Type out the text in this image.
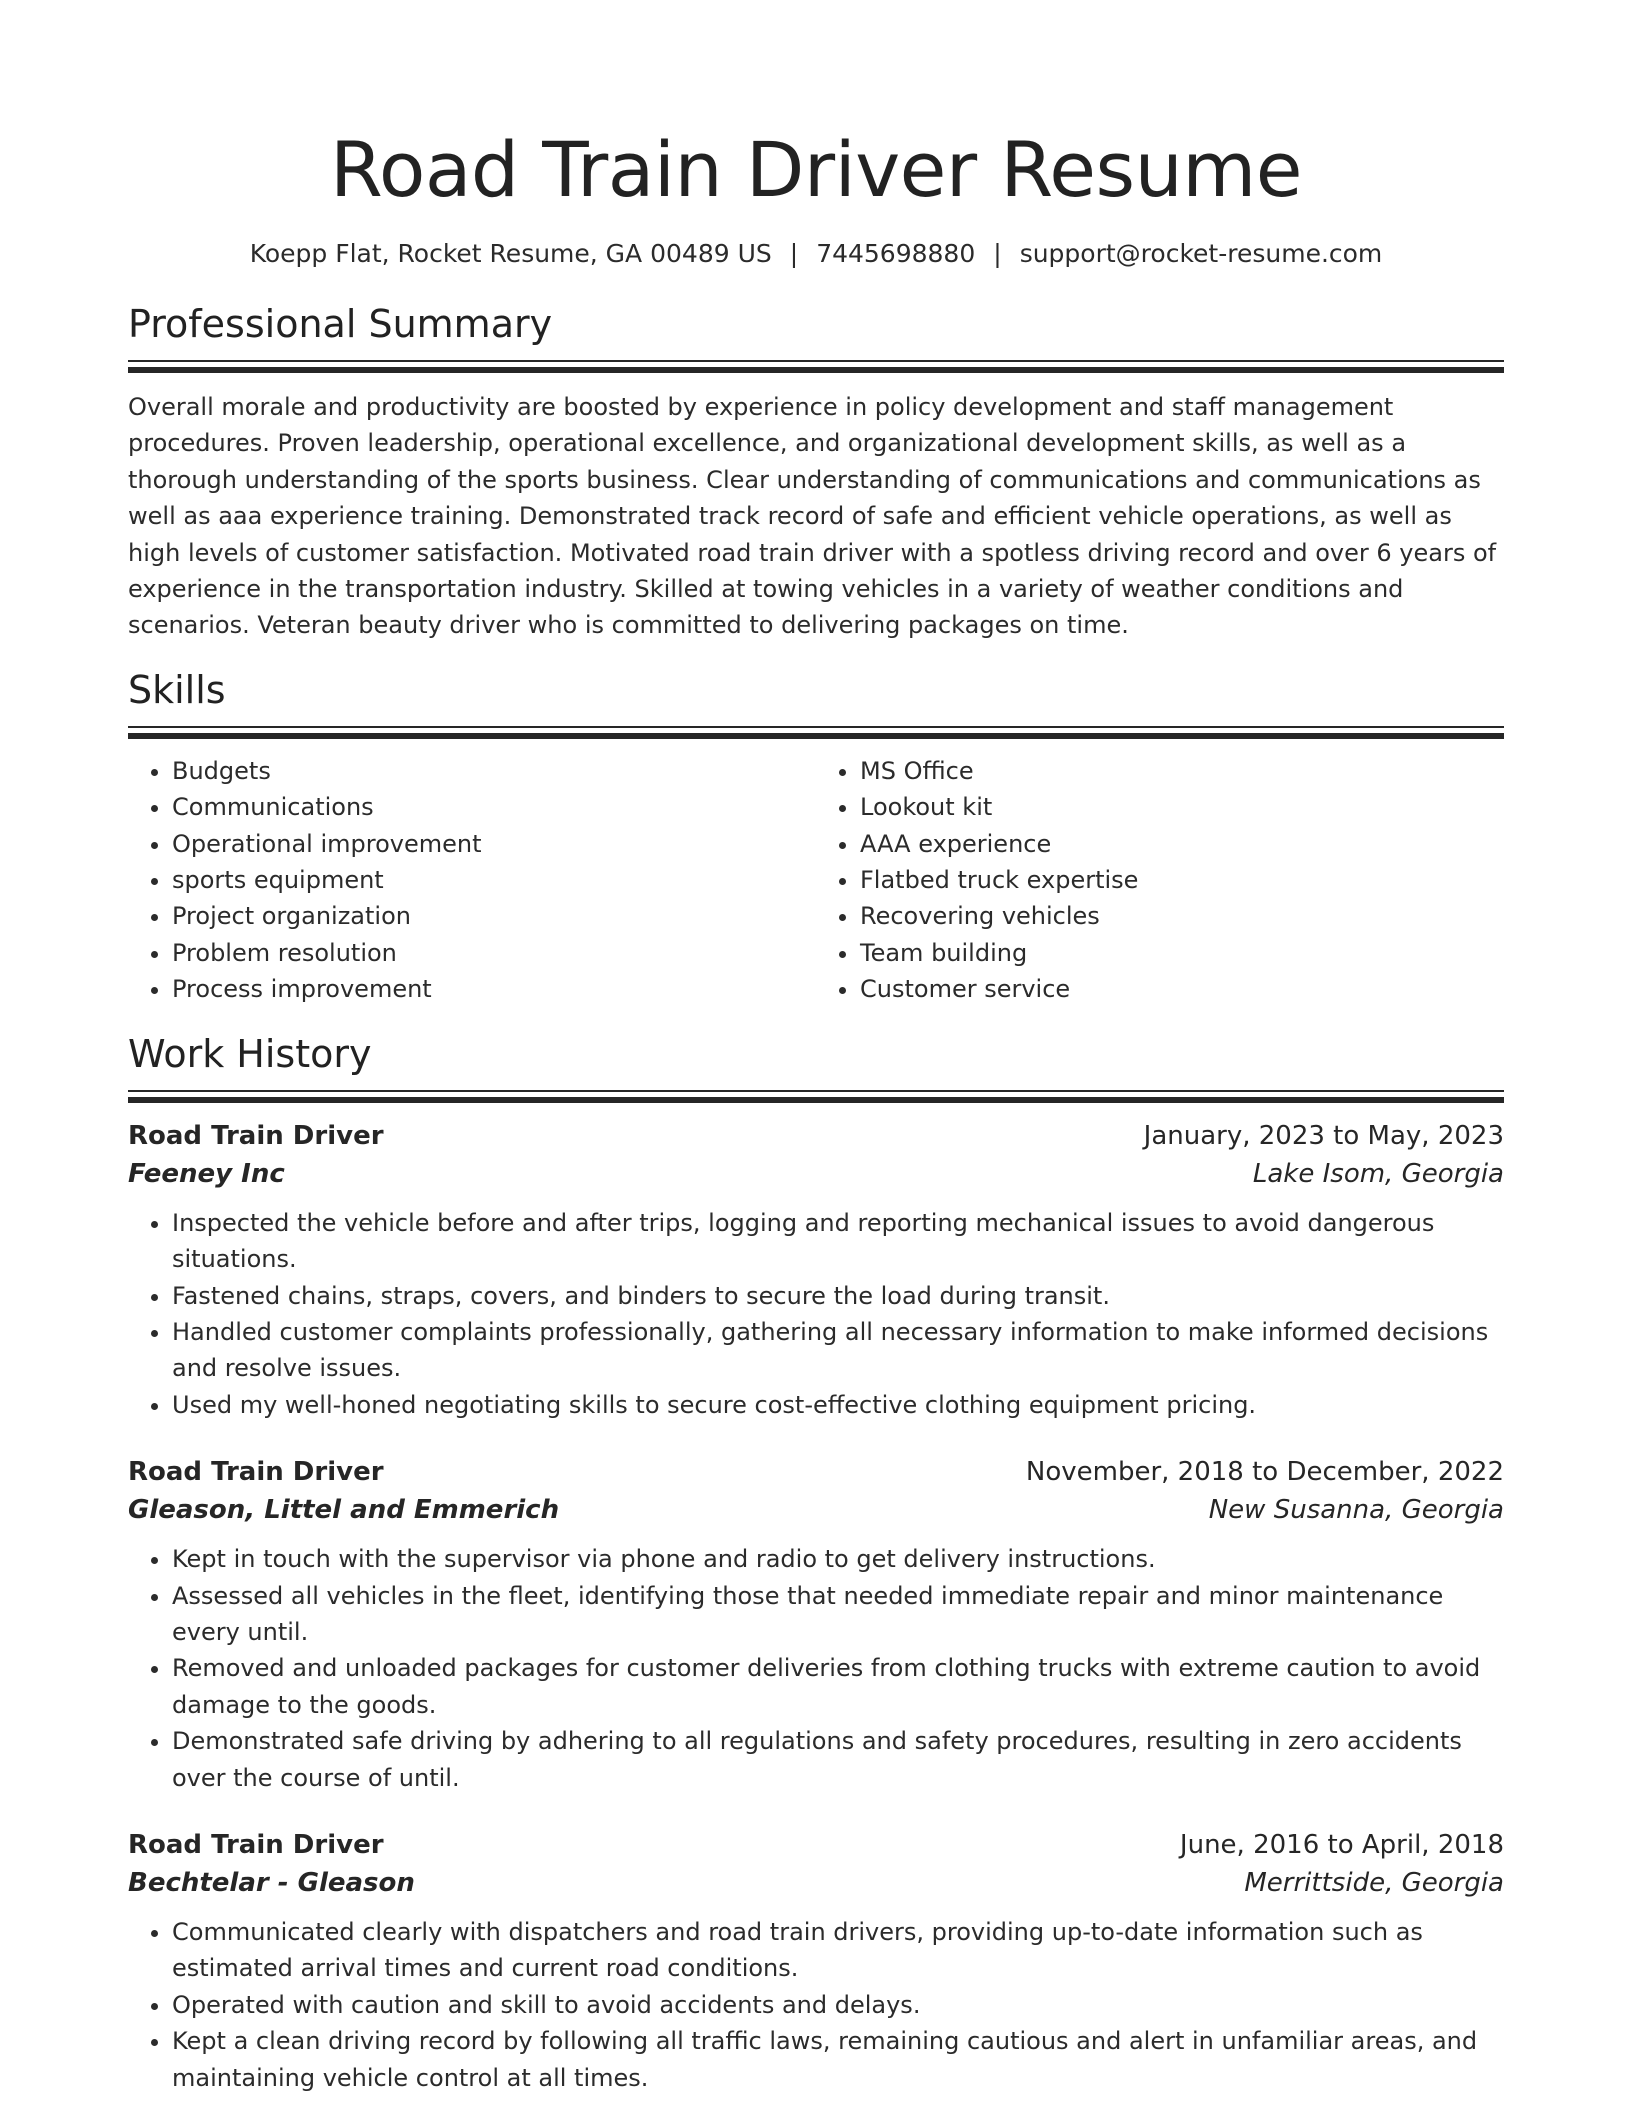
Road Train Driver Resume
Koepp Flat, Rocket Resume, GA 00489 US | 7445698880 | support@rocket-resume.com
Professional Summary

Overall morale and productivity are boosted by experience in policy development and staff management procedures. Proven leadership, operational excellence, and organizational development skills, as well as a thorough understanding of the sports business. Clear understanding of communications and communications as well as aaa experience training. Demonstrated track record of safe and efficient vehicle operations, as well as high levels of customer satisfaction. Motivated road train driver with a spotless driving record and over 6 years of experience in the transportation industry. Skilled at towing vehicles in a variety of weather conditions and scenarios. Veteran beauty driver who is committed to delivering packages on time.

Skills
• Budgets
• Communications
• Operational improvement
• sports equipment
• Project organization
• Problem resolution
• Process improvement
• MS Office
• Lookout kit
• AAA experience
• Flatbed truck expertise
• Recovering vehicles
• Team building
• Customer service
Work History
Road Train Driver	January, 2023 to May, 2023
Feeney Inc	Lake Isom, Georgia
• Inspected the vehicle before and after trips, logging and reporting mechanical issues to avoid dangerous situations.
• Fastened chains, straps, covers, and binders to secure the load during transit.
• Handled customer complaints professionally, gathering all necessary information to make informed decisions and resolve issues.
• Used my well-honed negotiating skills to secure cost-effective clothing equipment pricing.
Road Train Driver	November, 2018 to December, 2022
Gleason, Littel and Emmerich	New Susanna, Georgia
• Kept in touch with the supervisor via phone and radio to get delivery instructions.
• Assessed all vehicles in the fleet, identifying those that needed immediate repair and minor maintenance every until.
• Removed and unloaded packages for customer deliveries from clothing trucks with extreme caution to avoid damage to the goods.
• Demonstrated safe driving by adhering to all regulations and safety procedures, resulting in zero accidents over the course of until.
Road Train Driver	June, 2016 to April, 2018
Bechtelar - Gleason	Merrittside, Georgia
• Communicated clearly with dispatchers and road train drivers, providing up-to-date information such as estimated arrival times and current road conditions.
• Operated with caution and skill to avoid accidents and delays.
• Kept a clean driving record by following all traffic laws, remaining cautious and alert in unfamiliar areas, and maintaining vehicle control at all times.
